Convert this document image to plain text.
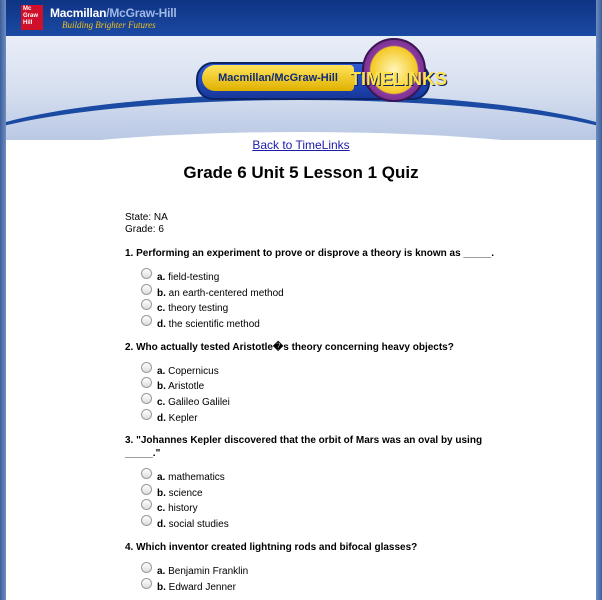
Mc
Graw
Hill
Macmillan/McGraw-Hill
Building Brighter Futures
Macmillan/McGraw-Hill TIMELINKS
Back to TimeLinks
Grade 6 Unit 5 Lesson 1 Quiz
State: NA
Grade: 6
1. Performing an experiment to prove or disprove a theory is known as _____.
a. field-testing
b. an earth-centered method
c. theory testing
d. the scientific method
2. Who actually tested Aristotle�s theory concerning heavy objects?
a. Copernicus
b. Aristotle
c. Galileo Galilei
d. Kepler
3. "Johannes Kepler discovered that the orbit of Mars was an oval by using _____."
a. mathematics
b. science
c. history
d. social studies
4. Which inventor created lightning rods and bifocal glasses?
a. Benjamin Franklin
b. Edward Jenner
